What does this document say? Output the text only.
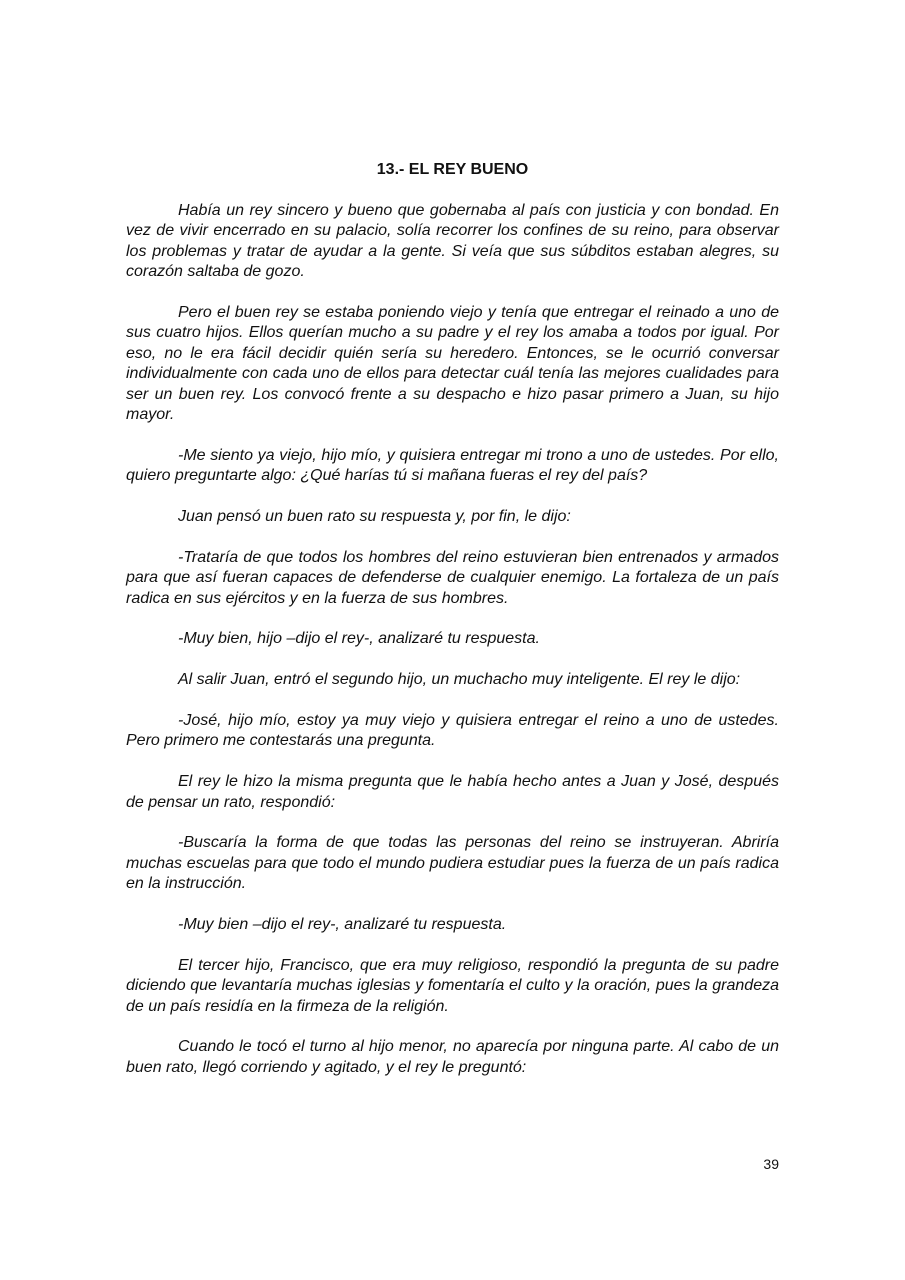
13.- EL REY BUENO

Había un rey sincero y bueno que gobernaba al país con justicia y con bondad. En vez de vivir encerrado en su palacio, solía recorrer los confines de su reino, para observar los problemas y tratar de ayudar a la gente. Si veía que sus súbditos estaban alegres, su corazón saltaba de gozo.

Pero el buen rey se estaba poniendo viejo y tenía que entregar el reinado a uno de sus cuatro hijos. Ellos querían mucho a su padre y el rey los amaba a todos por igual. Por eso, no le era fácil decidir quién sería su heredero. Entonces, se le ocurrió conversar individualmente con cada uno de ellos para detectar cuál tenía las mejores cualidades para ser un buen rey. Los convocó frente a su despacho e hizo pasar primero a Juan, su hijo mayor.

-Me siento ya viejo, hijo mío, y quisiera entregar mi trono a uno de ustedes. Por ello, quiero preguntarte algo: ¿Qué harías tú si mañana fueras el rey del país?

Juan pensó un buen rato su respuesta y, por fin, le dijo:

-Trataría de que todos los hombres del reino estuvieran bien entrenados y armados para que así fueran capaces de defenderse de cualquier enemigo. La fortaleza de un país radica en sus ejércitos y en la fuerza de sus hombres.

-Muy bien, hijo –dijo el rey-, analizaré tu respuesta.

Al salir Juan, entró el segundo hijo, un muchacho muy inteligente. El rey le dijo:

-José, hijo mío, estoy ya muy viejo y quisiera entregar el reino a uno de ustedes. Pero primero me contestarás una pregunta.

El rey le hizo la misma pregunta que le había hecho antes a Juan y José, después de pensar un rato, respondió:

-Buscaría la forma de que todas las personas del reino se instruyeran. Abriría muchas escuelas para que todo el mundo pudiera estudiar pues la fuerza de un país radica en la instrucción.

-Muy bien –dijo el rey-, analizaré tu respuesta.

El tercer hijo, Francisco, que era muy religioso, respondió la pregunta de su padre diciendo que levantaría muchas iglesias y fomentaría el culto y la oración, pues la grandeza de un país residía en la firmeza de la religión.

Cuando le tocó el turno al hijo menor, no aparecía por ninguna parte. Al cabo de un buen rato, llegó corriendo y agitado, y el rey le preguntó:

39
